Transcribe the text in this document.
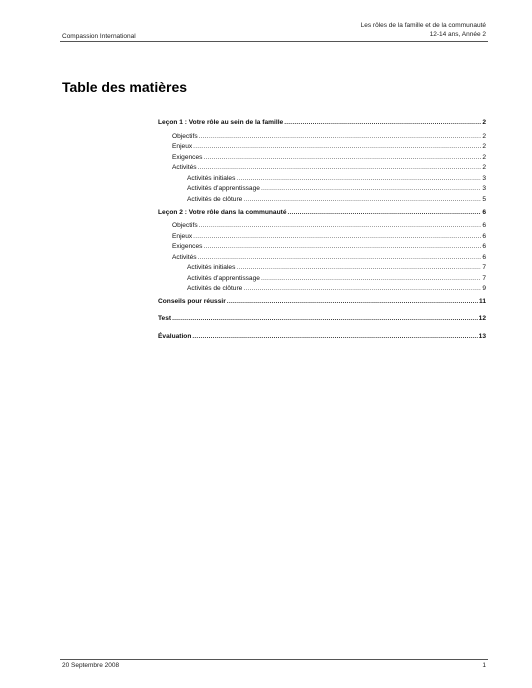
Les rôles de la famille et de la communauté
12-14 ans, Année 2
Compassion International
Table des matières
Leçon 1 : Votre rôle au sein de la famille .....	2
Objectifs .....	2
Enjeux .....	2
Exigences .....	2
Activités .....	2
Activités initiales .....	3
Activités d’apprentissage .....	3
Activités de clôture .....	5
Leçon 2 : Votre rôle dans la communauté .....	6
Objectifs .....	6
Enjeux .....	6
Exigences .....	6
Activités .....	6
Activités initiales .....	7
Activités d’apprentissage .....	7
Activités de clôture .....	9
Conseils pour réussir .....	11
Test .....	12
Évaluation .....	13
20 Septembre 2008	1
